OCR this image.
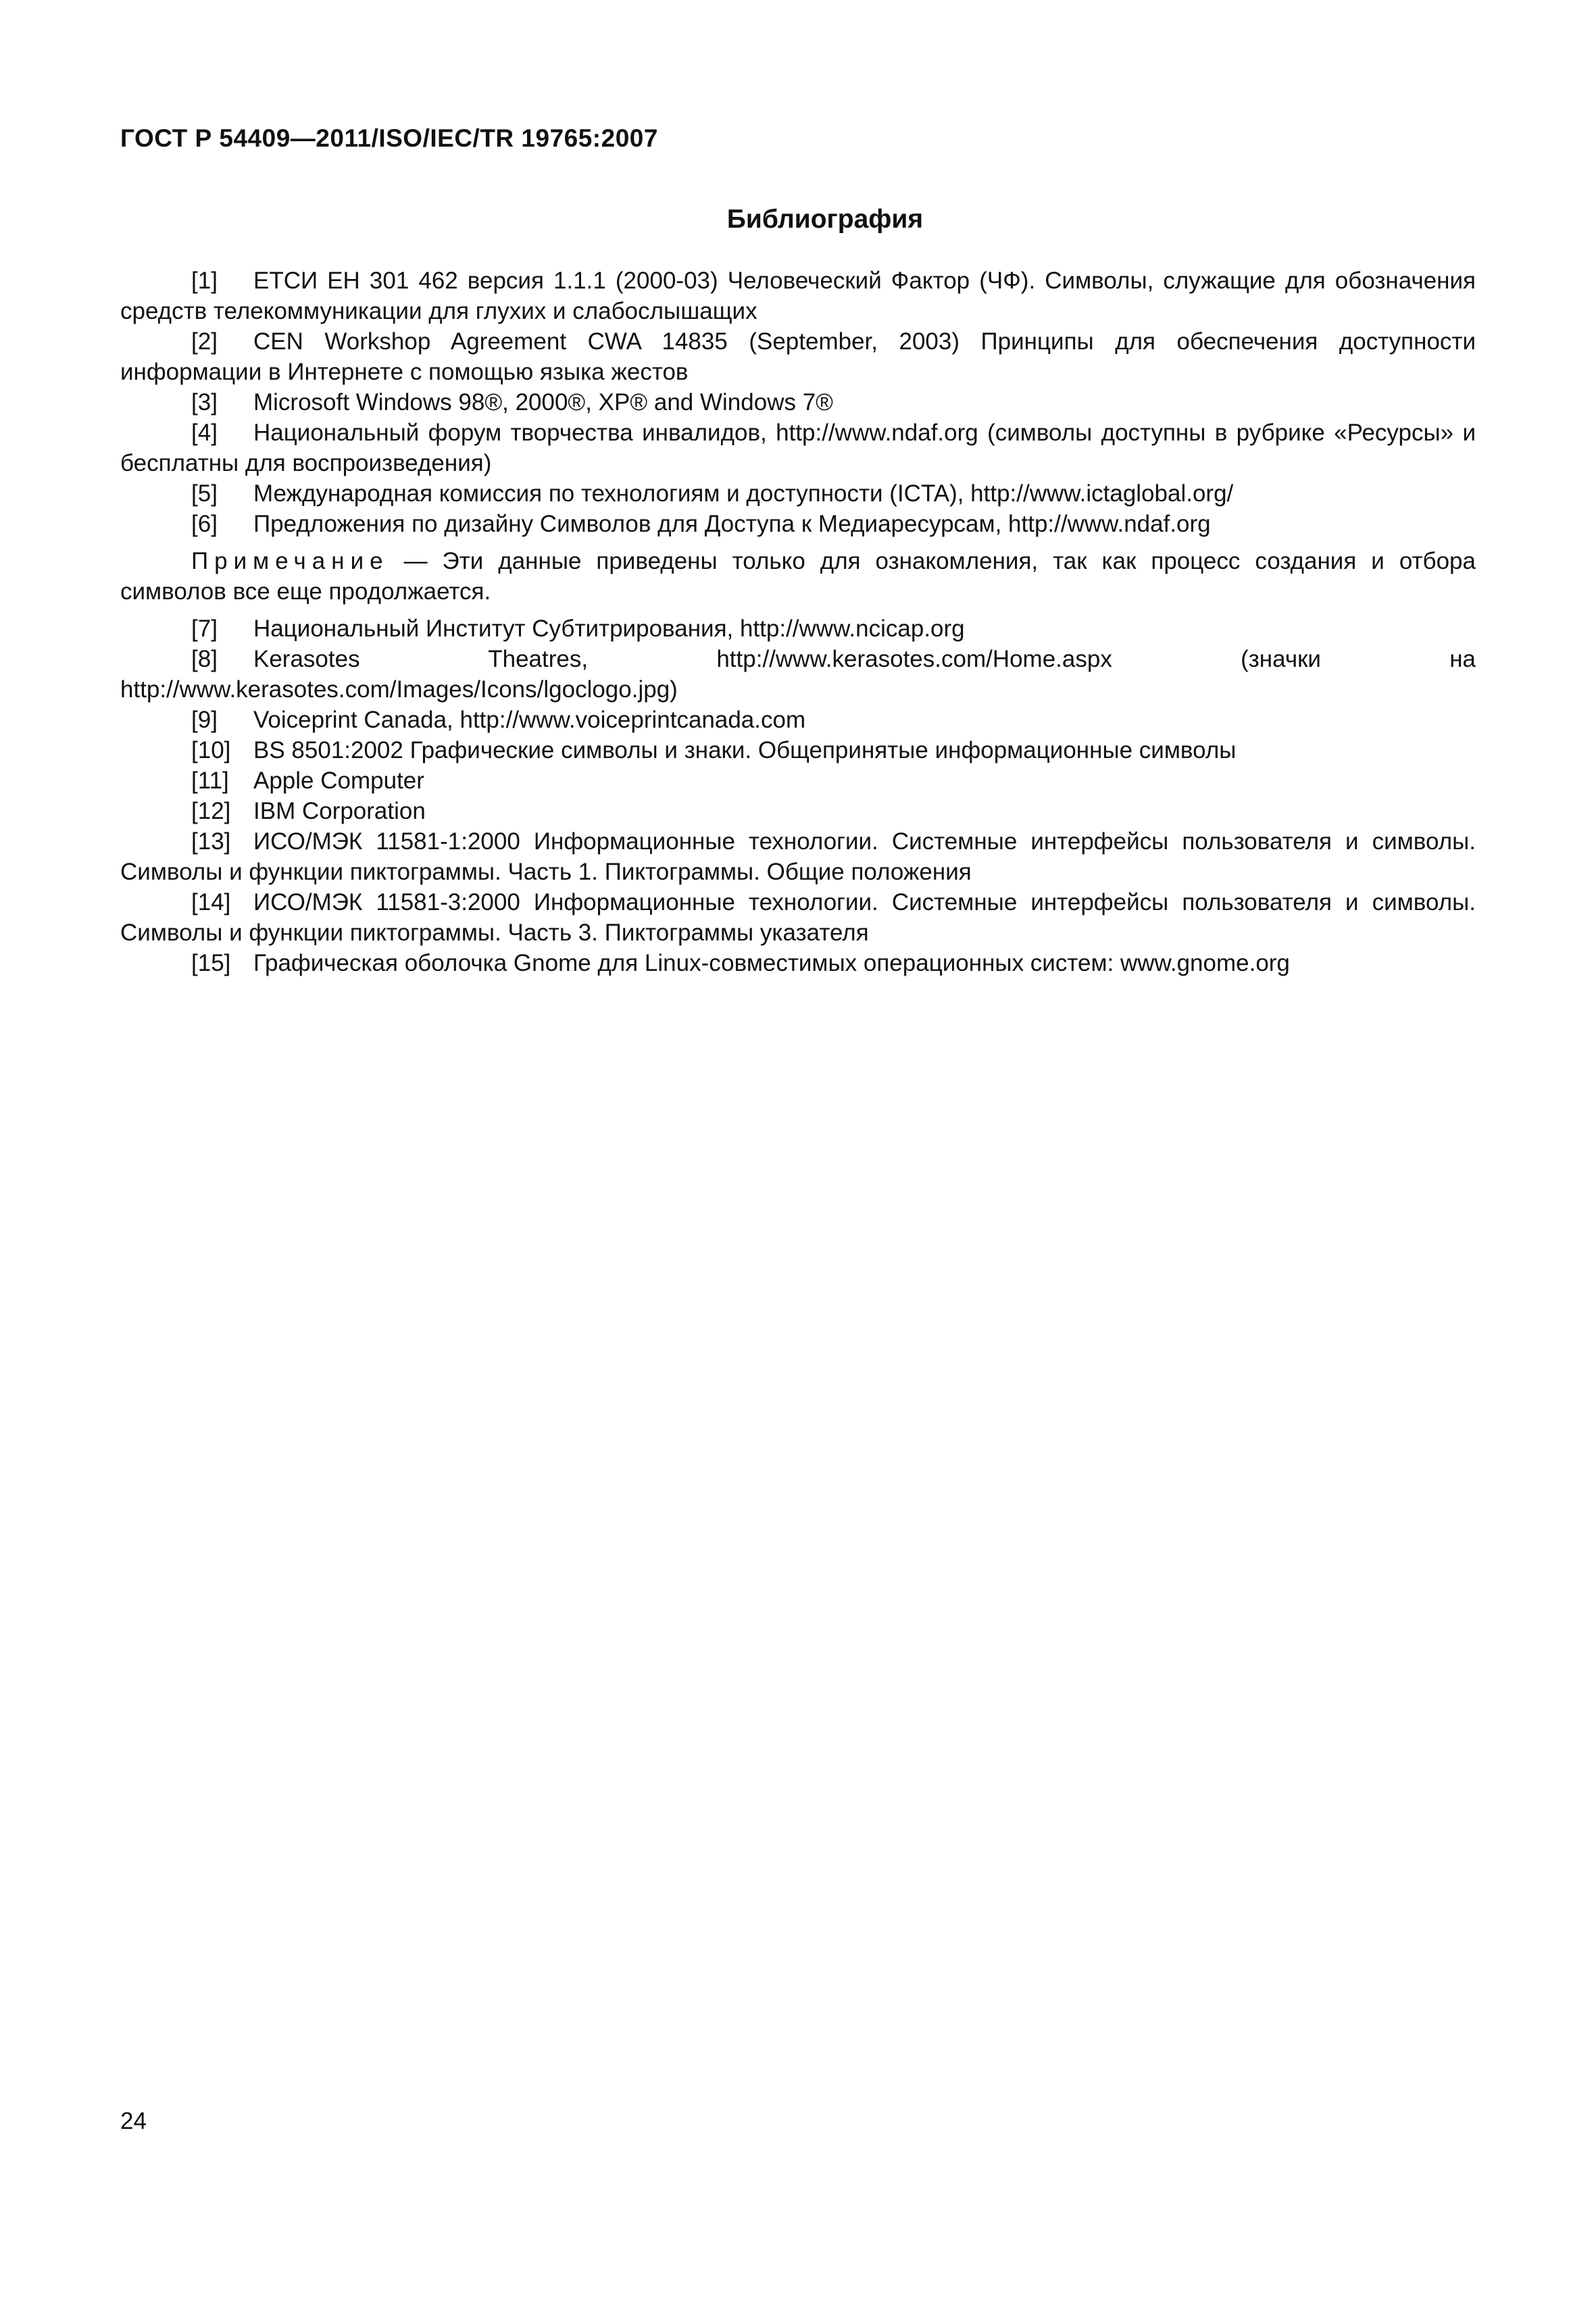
ГОСТ Р 54409—2011/ISO/IEC/TR 19765:2007
Библиография

[1] ЕТСИ ЕН 301 462 версия 1.1.1 (2000-03) Человеческий Фактор (ЧФ). Символы, служащие для обозначения средств телекоммуникации для глухих и слабослышащих

[2] CEN Workshop Agreement CWA 14835 (September, 2003) Принципы для обеспечения доступности информации в Интернете с помощью языка жестов

[3] Microsoft Windows 98®, 2000®, XP® and Windows 7®

[4] Национальный форум творчества инвалидов, http://www.ndaf.org (символы доступны в рубрике «Ресурсы» и бесплатны для воспроизведения)

[5] Международная комиссия по технологиям и доступности (ICTA), http://www.ictaglobal.org/

[6] Предложения по дизайну Символов для Доступа к Медиаресурсам, http://www.ndaf.org

Примечание — Эти данные приведены только для ознакомления, так как процесс создания и отбора символов все еще продолжается.

[7] Национальный Институт Субтитрирования, http://www.ncicap.org

[8] Kerasotes Theatres, http://www.kerasotes.com/Home.aspx (значки на http://www.kerasotes.com/Images/Icons/lgoclogo.jpg)

[9] Voiceprint Canada, http://www.voiceprintcanada.com

[10] BS 8501:2002 Графические символы и знаки. Общепринятые информационные символы

[11] Apple Computer

[12] IBM Corporation

[13] ИСО/МЭК 11581-1:2000 Информационные технологии. Системные интерфейсы пользователя и символы. Символы и функции пиктограммы. Часть 1. Пиктограммы. Общие положения

[14] ИСО/МЭК 11581-3:2000 Информационные технологии. Системные интерфейсы пользователя и символы. Символы и функции пиктограммы. Часть 3. Пиктограммы указателя

[15] Графическая оболочка Gnome для Linux-совместимых операционных систем: www.gnome.org

24
